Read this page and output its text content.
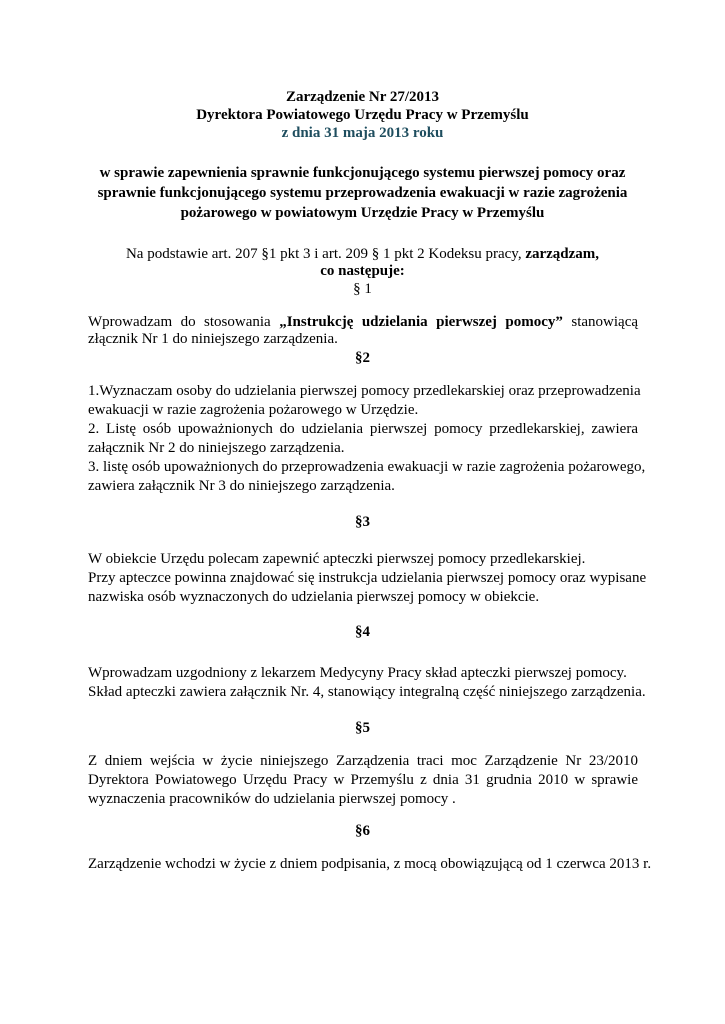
Zarządzenie Nr 27/2013
Dyrektora Powiatowego Urzędu Pracy w Przemyślu
z dnia 31 maja 2013 roku
w sprawie zapewnienia sprawnie funkcjonującego systemu pierwszej pomocy oraz
sprawnie funkcjonującego systemu przeprowadzenia ewakuacji w razie zagrożenia
pożarowego w powiatowym Urzędzie Pracy w Przemyślu
Na podstawie art. 207 §1 pkt 3 i art. 209 § 1 pkt 2 Kodeksu pracy, zarządzam,
co następuje:
§ 1
Wprowadzam do stosowania „Instrukcję udzielania pierwszej pomocy” stanowiącą
złącznik Nr 1 do niniejszego zarządzenia.
§2
1.Wyznaczam osoby do udzielania pierwszej pomocy przedlekarskiej oraz przeprowadzenia
ewakuacji w razie zagrożenia pożarowego w Urzędzie.
2. Listę osób upoważnionych do udzielania pierwszej pomocy przedlekarskiej, zawiera
załącznik Nr 2 do niniejszego zarządzenia.
3. listę osób upoważnionych do przeprowadzenia ewakuacji w razie zagrożenia pożarowego,
zawiera załącznik Nr 3 do niniejszego zarządzenia.
§3
W obiekcie Urzędu polecam zapewnić apteczki pierwszej pomocy przedlekarskiej.
Przy apteczce powinna znajdować się instrukcja udzielania pierwszej pomocy oraz wypisane
nazwiska osób wyznaczonych do udzielania pierwszej pomocy w obiekcie.
§4
Wprowadzam uzgodniony z lekarzem Medycyny Pracy skład apteczki pierwszej pomocy.
Skład apteczki zawiera załącznik Nr. 4, stanowiący integralną część niniejszego zarządzenia.
§5
Z dniem wejścia w życie niniejszego Zarządzenia traci moc Zarządzenie Nr 23/2010
Dyrektora Powiatowego Urzędu Pracy w Przemyślu z dnia 31 grudnia 2010 w sprawie
wyznaczenia pracowników do udzielania pierwszej pomocy .
§6
Zarządzenie wchodzi w życie z dniem podpisania, z mocą obowiązującą od 1 czerwca 2013 r.
